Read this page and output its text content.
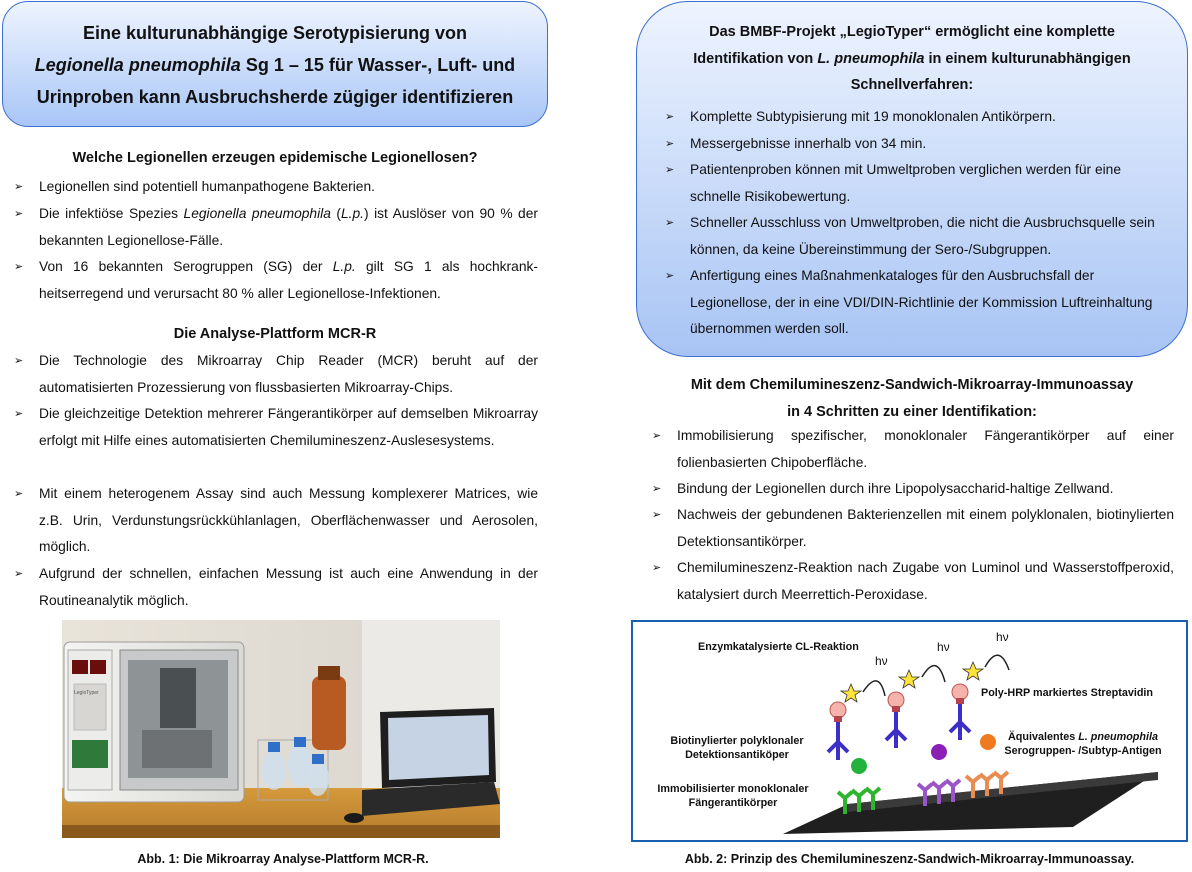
Eine kulturunabhängige Serotypisierung von
Legionella pneumophila Sg 1 – 15 für Wasser-, Luft- und
Urinproben kann Ausbruchsherde zügiger identifizieren
Welche Legionellen erzeugen epidemische Legionellosen?
➢	Legionellen sind potentiell humanpathogene Bakterien.
➢	Die infektiöse Spezies Legionella pneumophila (L.p.) ist Auslöser von 90 % der bekannten Legionellose-Fälle.
➢	Von 16 bekannten Serogruppen (SG) der L.p. gilt SG 1 als hochkrank-heitserregend und verursacht 80 % aller Legionellose-Infektionen.
Die Analyse-Plattform MCR-R
➢	Die Technologie des Mikroarray Chip Reader (MCR) beruht auf der automatisierten Prozessierung von flussbasierten Mikroarray-Chips.
➢	Die gleichzeitige Detektion mehrerer Fängerantikörper auf demselben Mikroarray erfolgt mit Hilfe eines automatisierten Chemilumineszenz-Auslesesystems.
➢	Mit einem heterogenem Assay sind auch Messung komplexerer Matrices, wie z.B. Urin, Verdunstungsrückkühlanlagen, Oberflächenwasser und Aerosolen, möglich.
➢	Aufgrund der schnellen, einfachen Messung ist auch eine Anwendung in der Routineanalytik möglich.
LegioTyper
Abb. 1: Die Mikroarray Analyse-Plattform MCR-R.
Das BMBF-Projekt „LegioTyper“ ermöglicht eine komplette
Identifikation von L. pneumophila in einem kulturunabhängigen
Schnellverfahren:
➢	Komplette Subtypisierung mit 19 monoklonalen Antikörpern.
➢	Messergebnisse innerhalb von 34 min.
➢	Patientenproben können mit Umweltproben verglichen werden für eine schnelle Risikobewertung.
➢	Schneller Ausschluss von Umweltproben, die nicht die Ausbruchsquelle sein können, da keine Übereinstimmung der Sero-/Subgruppen.
➢	Anfertigung eines Maßnahmenkataloges für den Ausbruchsfall der Legionellose, der in eine VDI/DIN-Richtlinie der Kommission Luftreinhaltung übernommen werden soll.
Mit dem Chemilumineszenz-Sandwich-Mikroarray-Immunoassay
in 4 Schritten zu einer Identifikation:
➢	Immobilisierung spezifischer, monoklonaler Fängerantikörper auf einer folienbasierten Chipoberfläche.
➢	Bindung der Legionellen durch ihre Lipopolysaccharid-haltige Zellwand.
➢	Nachweis der gebundenen Bakterienzellen mit einem polyklonalen, biotinylierten Detektionsantikörper.
➢	Chemilumineszenz-Reaktion nach Zugabe von Luminol und Wasserstoffperoxid, katalysiert durch Meerrettich-Peroxidase.
Enzymkatalysierte CL-Reaktion
hν
hν
hν
Poly-HRP markiertes Streptavidin
Biotinylierter polyklonaler
Detektionsantiköper
Äquivalentes L. pneumophila
Serogruppen- /Subtyp-Antigen
Immobilisierter monoklonaler
Fängerantikörper
Abb. 2: Prinzip des Chemilumineszenz-Sandwich-Mikroarray-Immunoassay.
